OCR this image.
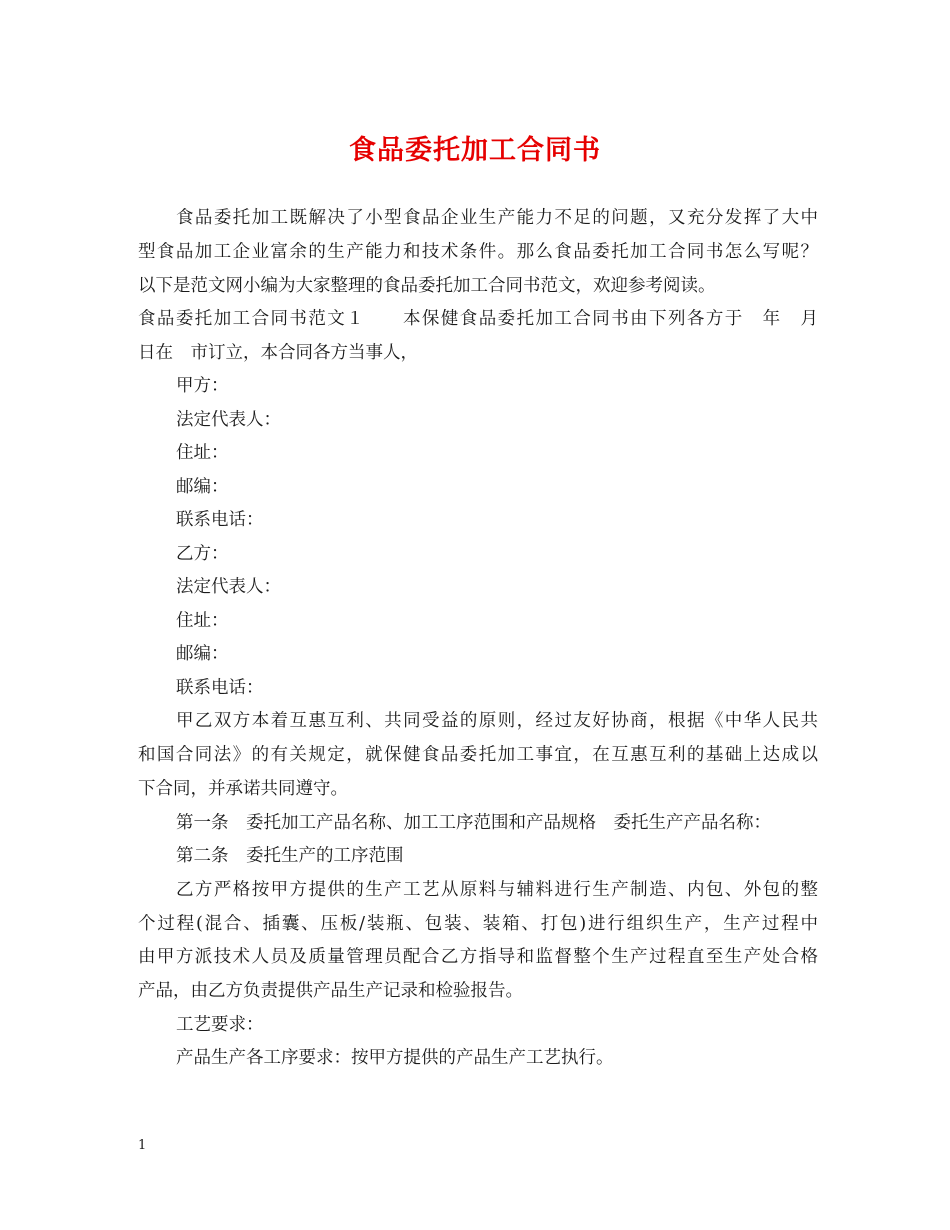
食品委托加工合同书
食品委托加工既解决了小型食品企业生产能力不足的问题，又充分发挥了大中
型食品加工企业富余的生产能力和技术条件。那么食品委托加工合同书怎么写呢？
以下是范文网小编为大家整理的食品委托加工合同书范文，欢迎参考阅读。
食品委托加工合同书范文１　　本保健食品委托加工合同书由下列各方于　年　月
日在　市订立，本合同各方当事人，
甲方：
法定代表人：
住址：
邮编：
联系电话：
乙方：
法定代表人：
住址：
邮编：
联系电话：
甲乙双方本着互惠互利、共同受益的原则，经过友好协商，根据《中华人民共
和国合同法》的有关规定，就保健食品委托加工事宜，在互惠互利的基础上达成以
下合同，并承诺共同遵守。
第一条　委托加工产品名称、加工工序范围和产品规格　委托生产产品名称：
第二条　委托生产的工序范围
乙方严格按甲方提供的生产工艺从原料与辅料进行生产制造、内包、外包的整
个过程(混合、插囊、压板/装瓶、包装、装箱、打包)进行组织生产，生产过程中
由甲方派技术人员及质量管理员配合乙方指导和监督整个生产过程直至生产处合格
产品，由乙方负责提供产品生产记录和检验报告。
工艺要求：
产品生产各工序要求：按甲方提供的产品生产工艺执行。
1
